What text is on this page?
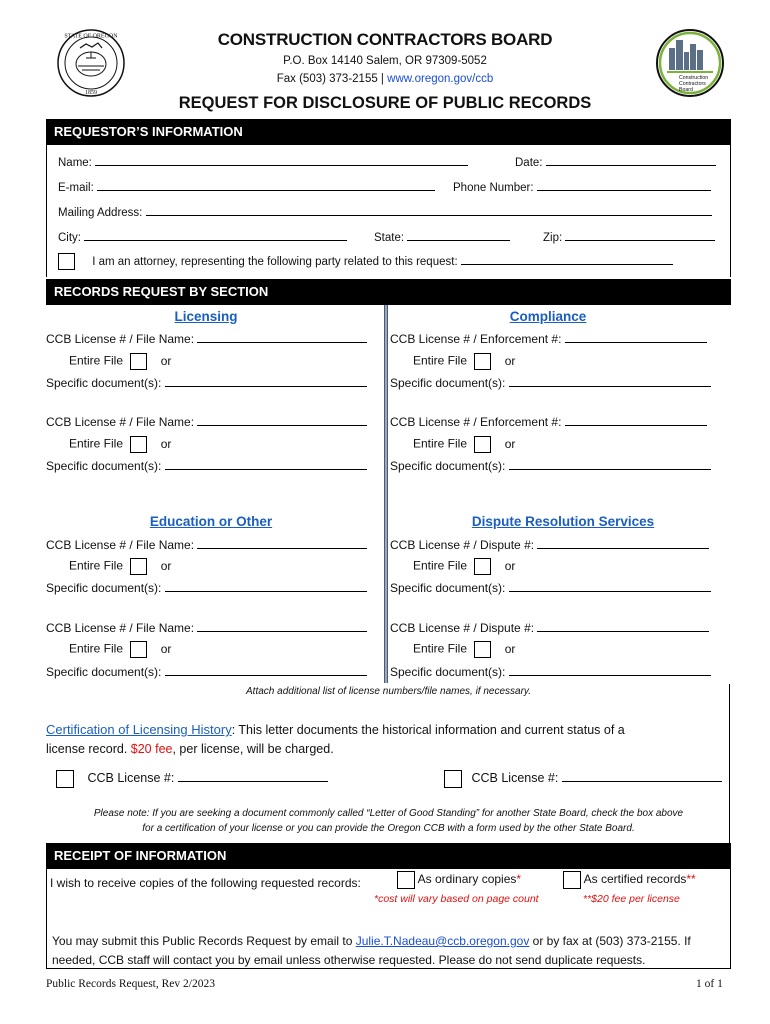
STATE OF OREGON
1859
Construction
Contractors
Board
CONSTRUCTION CONTRACTORS BOARD
P.O. Box 14140 Salem, OR 97309-5052
Fax (503) 373-2155 | www.oregon.gov/ccb
REQUEST FOR DISCLOSURE OF PUBLIC RECORDS
REQUESTOR’S INFORMATION
Name:	Date:
E-mail:	Phone Number:
Mailing Address:
City:	State:	Zip:
I am an attorney, representing the following party related to this request:
RECORDS REQUEST BY SECTION
Licensing
CCB License # / File Name:
Entire File	or
Specific document(s):
CCB License # / File Name:
Entire File	or
Specific document(s):
Compliance
CCB License # / Enforcement #:
Entire File	or
Specific document(s):
CCB License # / Enforcement #:
Entire File	or
Specific document(s):
Education or Other
CCB License # / File Name:
Entire File	or
Specific document(s):
CCB License # / File Name:
Entire File	or
Specific document(s):
Dispute Resolution Services
CCB License # / Dispute #:
Entire File	or
Specific document(s):
CCB License # / Dispute #:
Entire File	or
Specific document(s):
Attach additional list of license numbers/file names, if necessary.
Certification of Licensing History: This letter documents the historical information and current status of a
license record. $20 fee, per license, will be charged.
CCB License #:	CCB License #:
Please note: If you are seeking a document commonly called “Letter of Good Standing” for another State Board, check the box above
for a certification of your license or you can provide the Oregon CCB with a form used by the other State Board.
RECEIPT OF INFORMATION
I wish to receive copies of the following requested records:	As ordinary copies*	As certified records**
*cost will vary based on page count	**$20 fee per license
You may submit this Public Records Request by email to Julie.T.Nadeau@ccb.oregon.gov or by fax at (503) 373-2155. If
needed, CCB staff will contact you by email unless otherwise requested. Please do not send duplicate requests.
Public Records Request, Rev 2/2023	1 of 1
